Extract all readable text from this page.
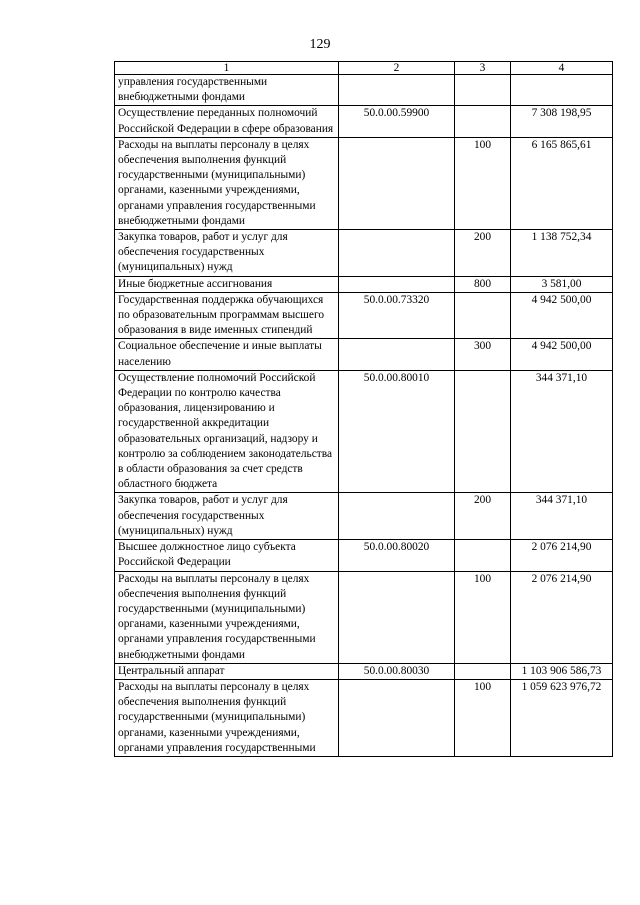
129
1	2	3	4
управления государственными внебюджетными фондами			
Осуществление переданных полномочий Российской Федерации в сфере образования	50.0.00.59900		7 308 198,95
Расходы на выплаты персоналу в целях обеспечения выполнения функций государственными (муниципальными) органами, казенными учреждениями, органами управления государственными внебюджетными фондами		100	6 165 865,61
Закупка товаров, работ и услуг для обеспечения государственных (муниципальных) нужд		200	1 138 752,34
Иные бюджетные ассигнования		800	3 581,00
Государственная поддержка обучающихся по образовательным программам высшего образования в виде именных стипендий	50.0.00.73320		4 942 500,00
Социальное обеспечение и иные выплаты населению		300	4 942 500,00
Осуществление полномочий Российской Федерации по контролю качества образования, лицензированию и государственной аккредитации образовательных организаций, надзору и контролю за соблюдением законодательства в области образования за счет средств областного бюджета	50.0.00.80010		344 371,10
Закупка товаров, работ и услуг для обеспечения государственных (муниципальных) нужд		200	344 371,10
Высшее должностное лицо субъекта Российской Федерации	50.0.00.80020		2 076 214,90
Расходы на выплаты персоналу в целях обеспечения выполнения функций государственными (муниципальными) органами, казенными учреждениями, органами управления государственными внебюджетными фондами		100	2 076 214,90
Центральный аппарат	50.0.00.80030		1 103 906 586,73
Расходы на выплаты персоналу в целях обеспечения выполнения функций государственными (муниципальными) органами, казенными учреждениями, органами управления государственными		100	1 059 623 976,72
